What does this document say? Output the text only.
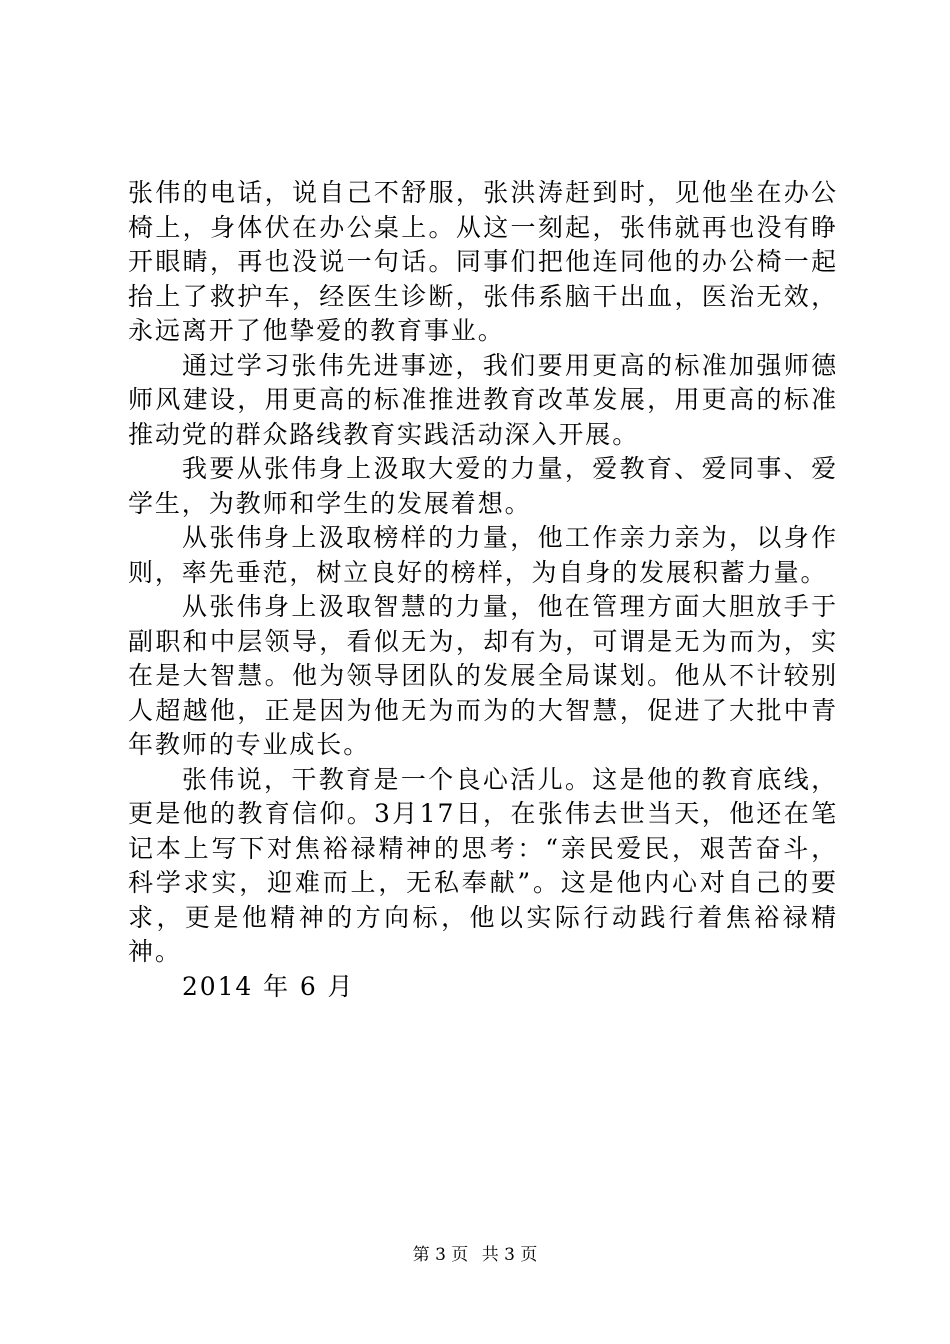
张伟的电话，说自己不舒服，张洪涛赶到时，见他坐在办公椅上，身体伏在办公桌上。从这一刻起，张伟就再也没有睁开眼睛，再也没说一句话。同事们把他连同他的办公椅一起抬上了救护车，经医生诊断，张伟系脑干出血，医治无效，永远离开了他挚爱的教育事业。

通过学习张伟先进事迹，我们要用更高的标准加强师德师风建设，用更高的标准推进教育改革发展，用更高的标准推动党的群众路线教育实践活动深入开展。

我要从张伟身上汲取大爱的力量，爱教育、爱同事、爱学生，为教师和学生的发展着想。

从张伟身上汲取榜样的力量，他工作亲力亲为，以身作则，率先垂范，树立良好的榜样，为自身的发展积蓄力量。

从张伟身上汲取智慧的力量，他在管理方面大胆放手于副职和中层领导，看似无为，却有为，可谓是无为而为，实在是大智慧。他为领导团队的发展全局谋划。他从不计较别人超越他，正是因为他无为而为的大智慧，促进了大批中青年教师的专业成长。

张伟说，干教育是一个良心活儿。这是他的教育底线，更是他的教育信仰。3月17日，在张伟去世当天，他还在笔记本上写下对焦裕禄精神的思考：“亲民爱民，艰苦奋斗，科学求实，迎难而上，无私奉献”。这是他内心对自己的要求，更是他精神的方向标，他以实际行动践行着焦裕禄精神。

2014 年 6 月

第 3 页 共 3 页
